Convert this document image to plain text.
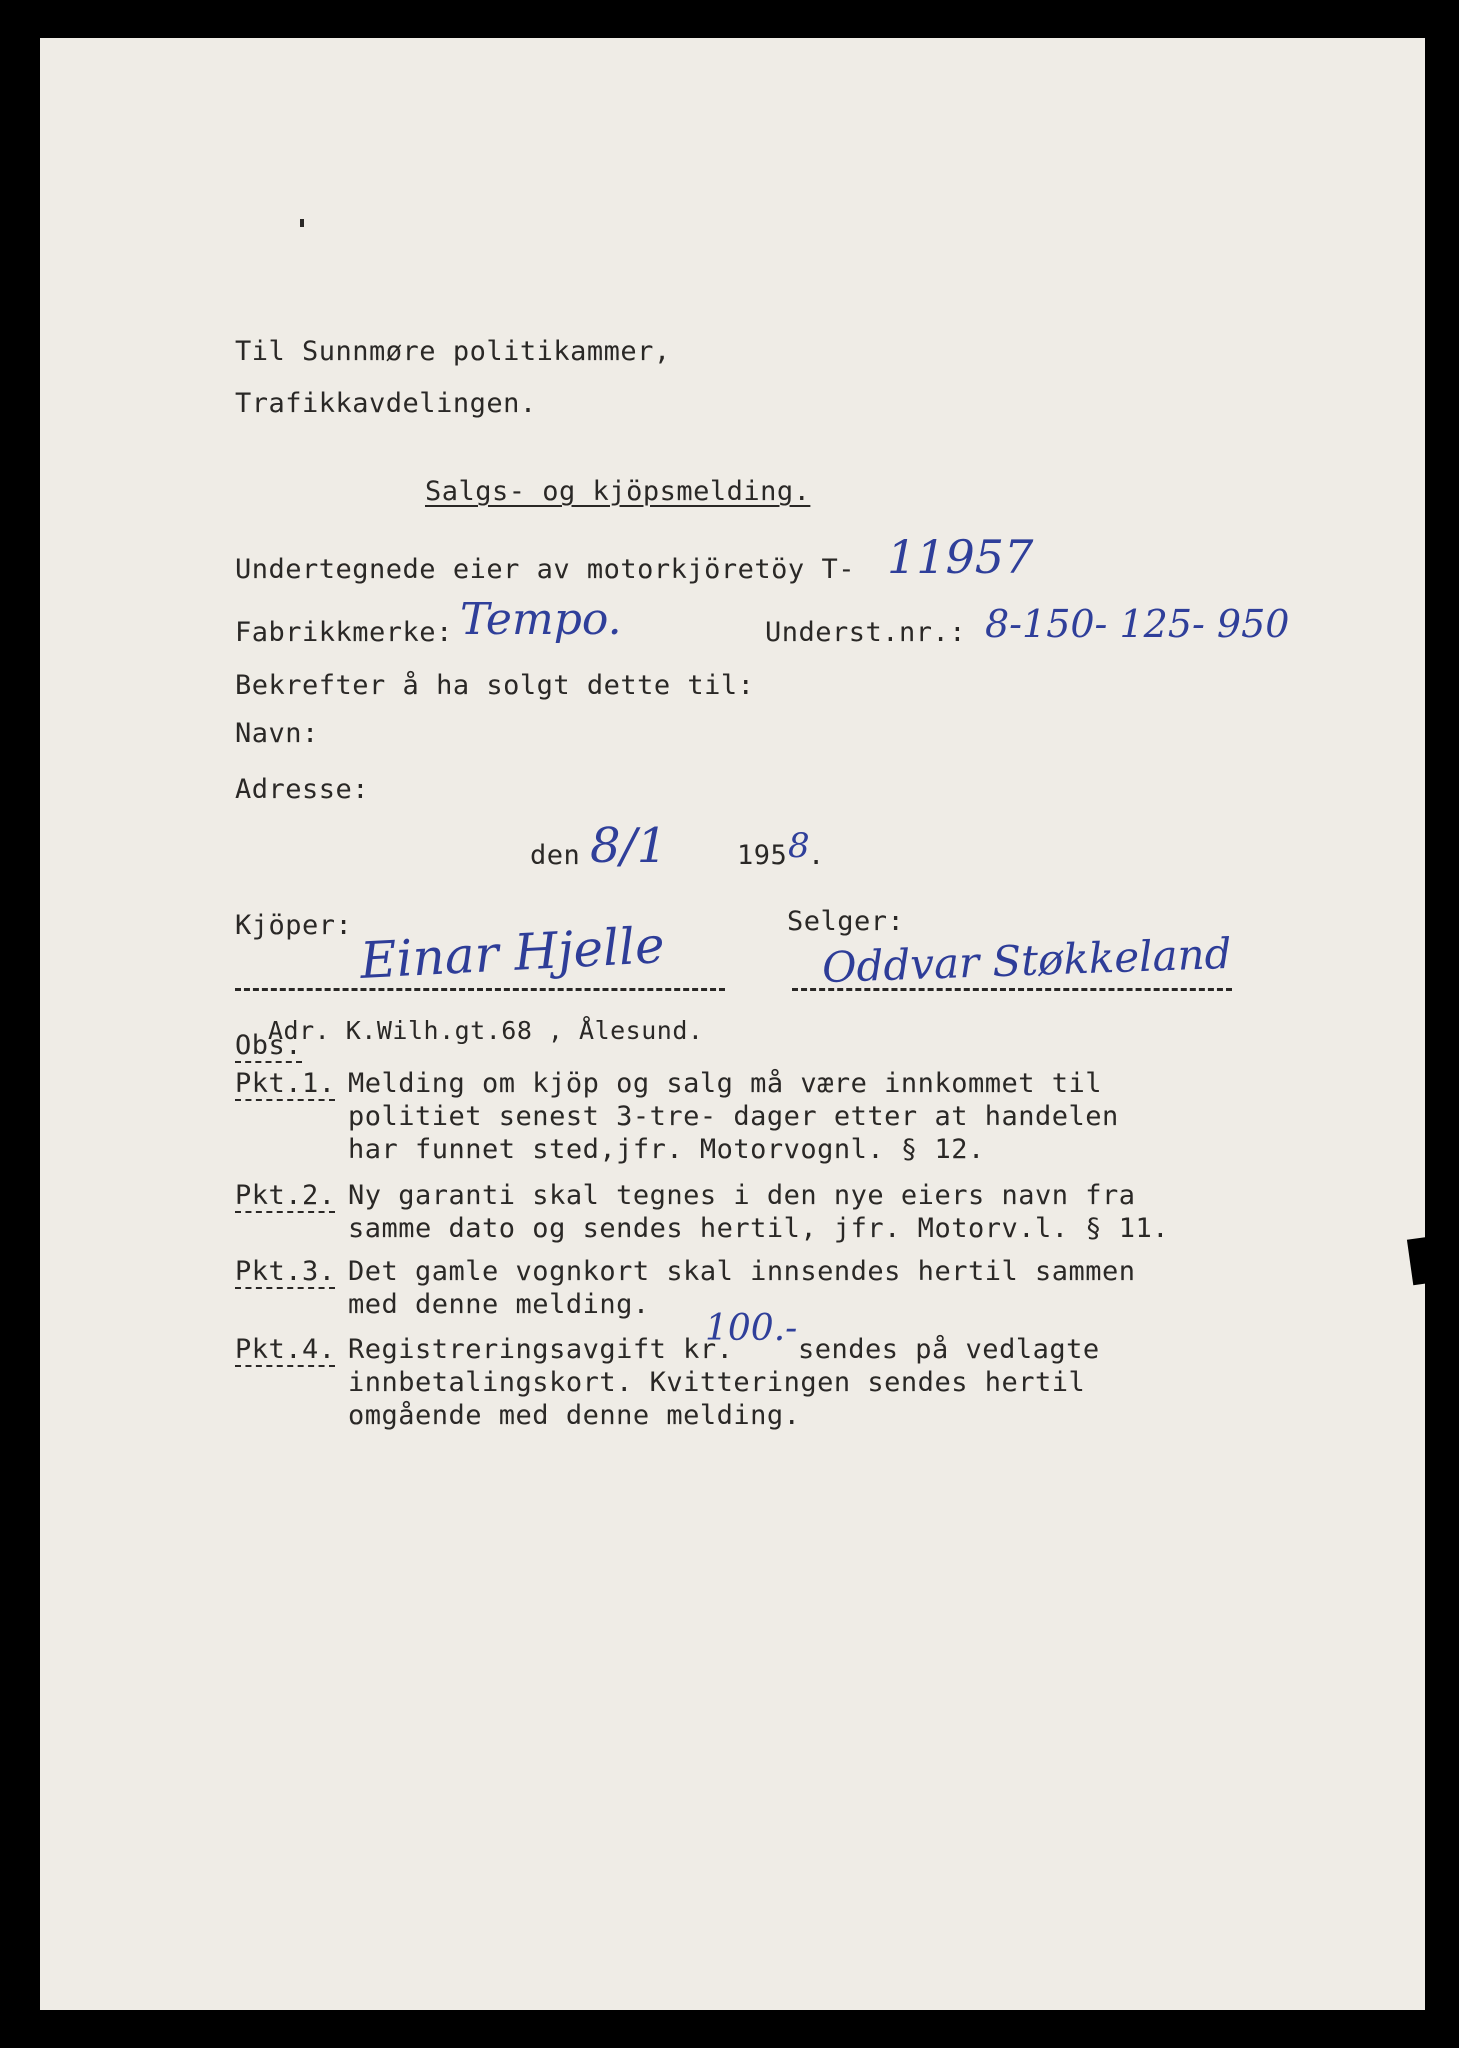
Til Sunnmøre politikammer,
Trafikkavdelingen.
Salgs- og kjöpsmelding.
Undertegnede eier av motorkjöretöy T- 11957
Fabrikkmerke: Tempo.	Underst.nr.: 8-150- 125- 950
Bekrefter å ha solgt dette til:
Navn:
Adresse:
den 8/1	195 8
.
Kjöper:	Selger:
Einar Hjelle	Oddvar Støkkeland
Adr. K.Wilh.gt.68 , Ålesund.
Obs.
Pkt.1. Melding om kjöp og salg må være innkommet til
politiet senest 3-tre- dager etter at handelen
har funnet sted,jfr. Motorvognl. § 12.
Pkt.2. Ny garanti skal tegnes i den nye eiers navn fra
samme dato og sendes hertil, jfr. Motorv.l. § 11.
Pkt.3. Det gamle vognkort skal innsendes hertil sammen
med denne melding.
Pkt.4. Registreringsavgift kr.
100.-
sendes på vedlagte
innbetalingskort. Kvitteringen sendes hertil
omgående med denne melding.
